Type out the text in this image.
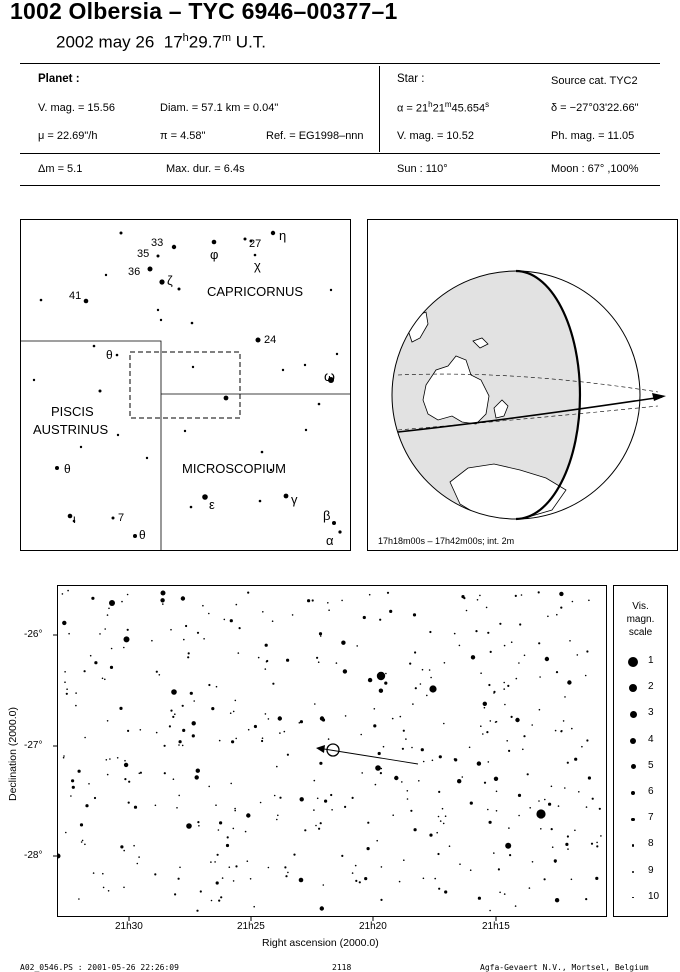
1002 Olbersia – TYC 6946–00377–1
2002 may 26 17$^h$29.7$^m$ U.T.
Planet :	Star :	Source cat. TYC2
V. mag. = 15.56	Diam. = 57.1 km = 0.04"	$\alpha = 21^h21^m45.654^s$	δ = −27°03'22.66"
μ = 22.69"/h	π = 4.58"	Ref. = EG1998–nnn	V. mag. = 10.52	Ph. mag. = 11.05
Δm = 5.1	Max. dur. = 6.4s	Sun : 110°	Moon : 67° ,100%
33
35
36
27
η
φ
χ
ζ
41
24
θ
ω
θ
ι	7
θ
ε	γ
β
α
CAPRICORNUS
PISCIS
AUSTRINUS
MICROSCOPIUM
17h18m00s – 17h42m00s; int. 2m
-26°
-27°
-28°
21h30	21h25	21h20	21h15
Right ascension (2000.0)
Declination (2000.0)
Vis.
magn.
scale
1
2
3
4
5
6
7
8
9
10
A02_0546.PS : 2001-05-26 22:26:09	2118	Agfa-Gevaert N.V., Mortsel, Belgium
